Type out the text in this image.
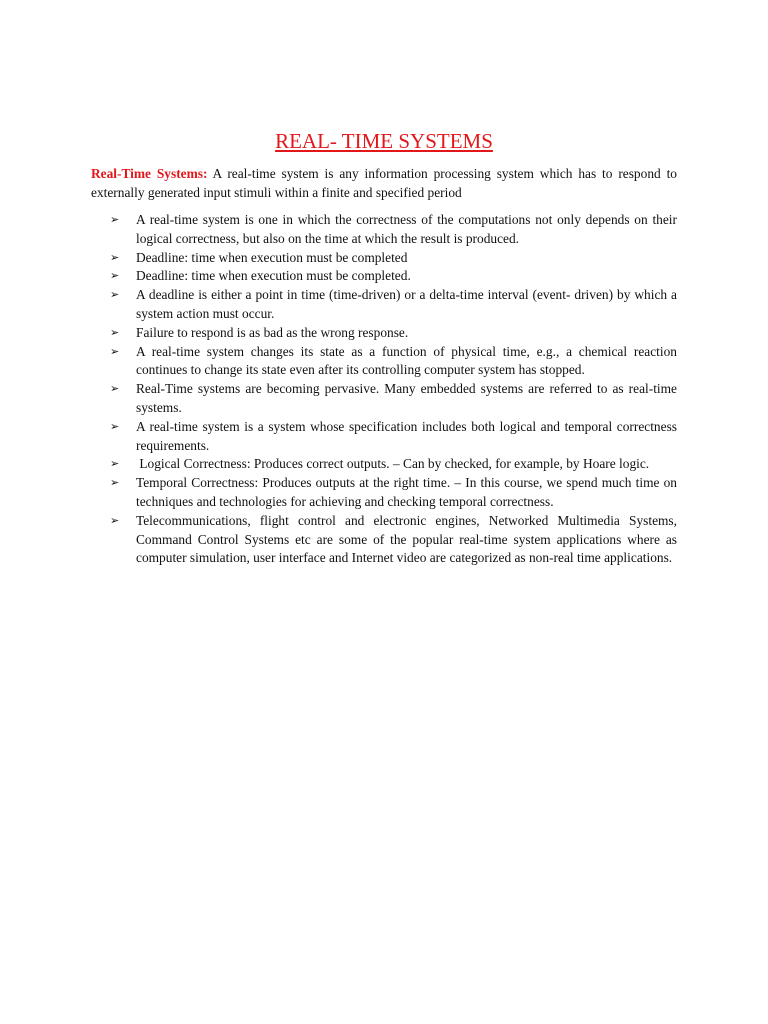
REAL- TIME SYSTEMS

Real-Time Systems: A real-time system is any information processing system which has to respond to externally generated input stimuli within a finite and specified period

➢	A real-time system is one in which the correctness of the computations not only depends on their logical correctness, but also on the time at which the result is produced.
➢	Deadline: time when execution must be completed
➢	Deadline: time when execution must be completed.
➢	A deadline is either a point in time (time-driven) or a delta-time interval (event- driven) by which a system action must occur.
➢	Failure to respond is as bad as the wrong response.
➢	A real-time system changes its state as a function of physical time, e.g., a chemical reaction continues to change its state even after its controlling computer system has stopped.
➢	Real-Time systems are becoming pervasive. Many embedded systems are referred to as real-time systems.
➢	A real-time system is a system whose specification includes both logical and temporal correctness requirements.
➢	Logical Correctness: Produces correct outputs. – Can by checked, for example, by Hoare logic.
➢	Temporal Correctness: Produces outputs at the right time. – In this course, we spend much time on techniques and technologies for achieving and checking temporal correctness.
➢	Telecommunications, flight control and electronic engines, Networked Multimedia Systems, Command Control Systems etc are some of the popular real-time system applications where as computer simulation, user interface and Internet video are categorized as non-real time applications.
